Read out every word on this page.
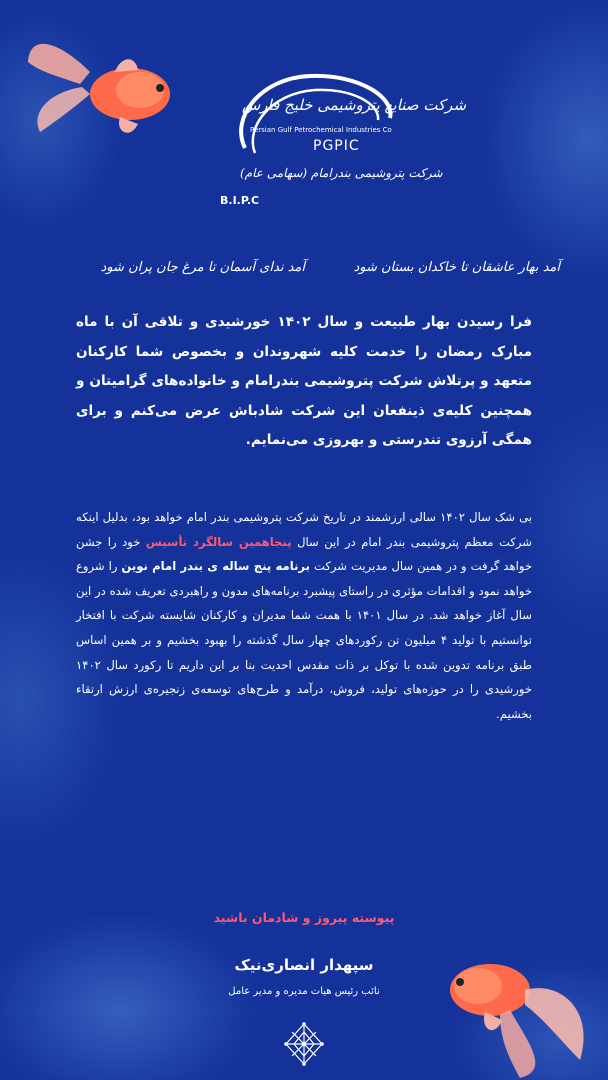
شرکت صنایع پتروشیمی خلیج فارس
Persian Gulf Petrochemical Industries Co
PGPIC
شرکت پتروشیمی بندرامام (سهامی عام)
B.I.P.C
آمد بهار عاشقان تا خاکدان بستان شود
آمد ندای آسمان تا مرغ جان پران شود
فرا رسیدن بهار طبیعت و سال ۱۴۰۲ خورشیدی و تلاقی آن با ماه مبارک رمضان را خدمت کلیه شهروندان و بخصوص شما کارکنان متعهد و پرتلاش شرکت پتروشیمی بندرامام و خانواده‌های گرامیتان و همچنین کلیه‌ی ذینفعان این شرکت شادباش عرض می‌کنم و برای همگی آرزوی تندرستی و بهروزی می‌نمایم.
بی شک سال ۱۴۰۲ سالی ارزشمند در تاریخ شرکت پتروشیمی بندر امام خواهد بود، بدلیل اینکه شرکت معظم پتروشیمی بندر امام در این سال پنجاهمین سالگرد تأسیس خود را جشن خواهد گرفت و در همین سال مدیریت شرکت برنامه پنج ساله ی بندر امام نوین را شروع خواهد نمود و اقدامات مؤثری در راستای پیشبرد برنامه‌های مدون و راهبردی تعریف شده در این سال آغاز خواهد شد. در سال ۱۴۰۱ با همت شما مدیران و کارکنان شایسته شرکت با افتخار توانستیم با تولید ۴ میلیون تن رکوردهای چهار سال گذشته را بهبود بخشیم و بر همین اساس طبق برنامه تدوین شده با توکل بر ذات مقدس احدیت بنا بر این داریم تا رکورد سال ۱۴۰۲ خورشیدی را در حوزه‌های تولید، فروش، درآمد و طرح‌های توسعه‌ی زنجیره‌ی ارزش ارتقاء بخشیم.
پیوسته پیروز و شادمان باشید
سپهدار انصاری‌نیک
نائب رئیس هیات مدیره و مدیر عامل
